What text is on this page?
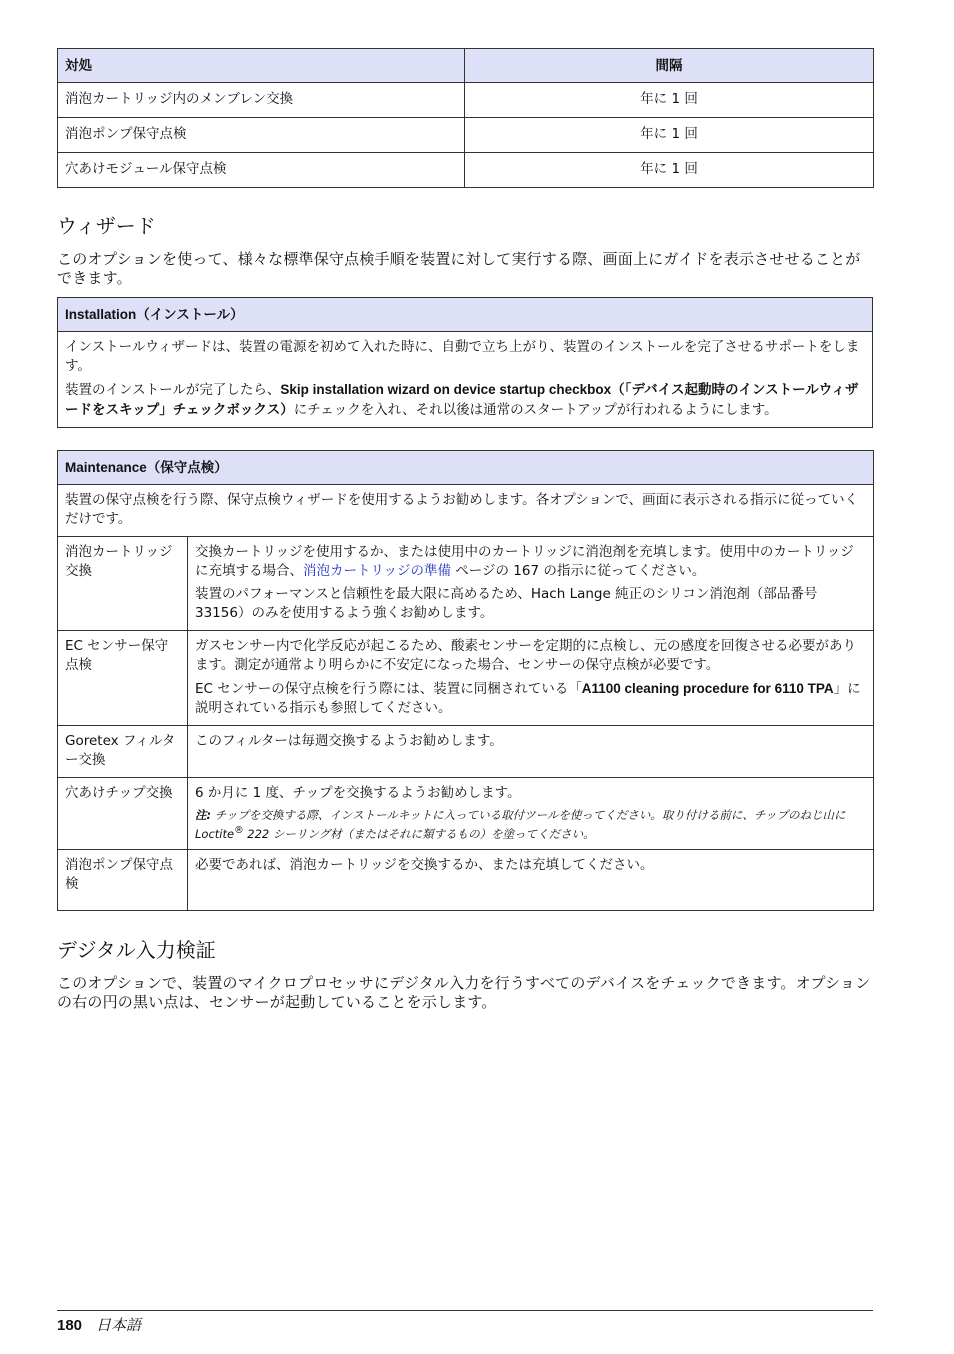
対処	間隔
消泡カートリッジ内のメンブレン交換	年に 1 回
消泡ポンプ保守点検	年に 1 回
穴あけモジュール保守点検	年に 1 回
ウィザード

このオプションを使って、様々な標準保守点検手順を装置に対して実行する際、画面上にガイドを表示させせることができます。

Installation（インストール）

インストールウィザードは、装置の電源を初めて入れた時に、自動で立ち上がり、装置のインストールを完了させるサポートをします。

装置のインストールが完了したら、Skip installation wizard on device startup checkbox（「デバイス起動時のインストールウィザードをスキップ」チェックボックス）にチェックを入れ、それ以後は通常のスタートアップが行われるようにします。

Maintenance（保守点検）	
装置の保守点検を行う際、保守点検ウィザードを使用するようお勧めします。各オプションで、画面に表示される指示に従っていくだけです。	
消泡カートリッジ交換	交換カートリッジを使用するか、または使用中のカートリッジに消泡剤を充填します。使用中のカートリッジに充填する場合、消泡カートリッジの準備 ページの 167 の指示に従ってください。

装置のパフォーマンスと信頼性を最大限に高めるため、Hach Lange 純正のシリコン消泡剤（部品番号 33156）のみを使用するよう強くお勧めします。

EC センサー保守点検	ガスセンサー内で化学反応が起こるため、酸素センサーを定期的に点検し、元の感度を回復させる必要があります。測定が通常より明らかに不安定になった場合、センサーの保守点検が必要です。

EC センサーの保守点検を行う際には、装置に同梱されている「A1100 cleaning procedure for 6110 TPA」に説明されている指示も参照してください。

Goretex フィルター交換	このフィルターは毎週交換するようお勧めします。
穴あけチップ交換	6 か月に 1 度、チップを交換するようお勧めします。

注: チップを交換する際、インストールキットに入っている取付ツールを使ってください。取り付ける前に、チップのねじ山に Loctite® 222 シーリング材（またはそれに類するもの）を塗ってください。

消泡ポンプ保守点検	必要であれば、消泡カートリッジを交換するか、または充填してください。
デジタル入力検証

このオプションで、装置のマイクロプロセッサにデジタル入力を行うすべてのデバイスをチェックできます。オプションの右の円の黒い点は、センサーが起動していることを示します。

180 日本語
